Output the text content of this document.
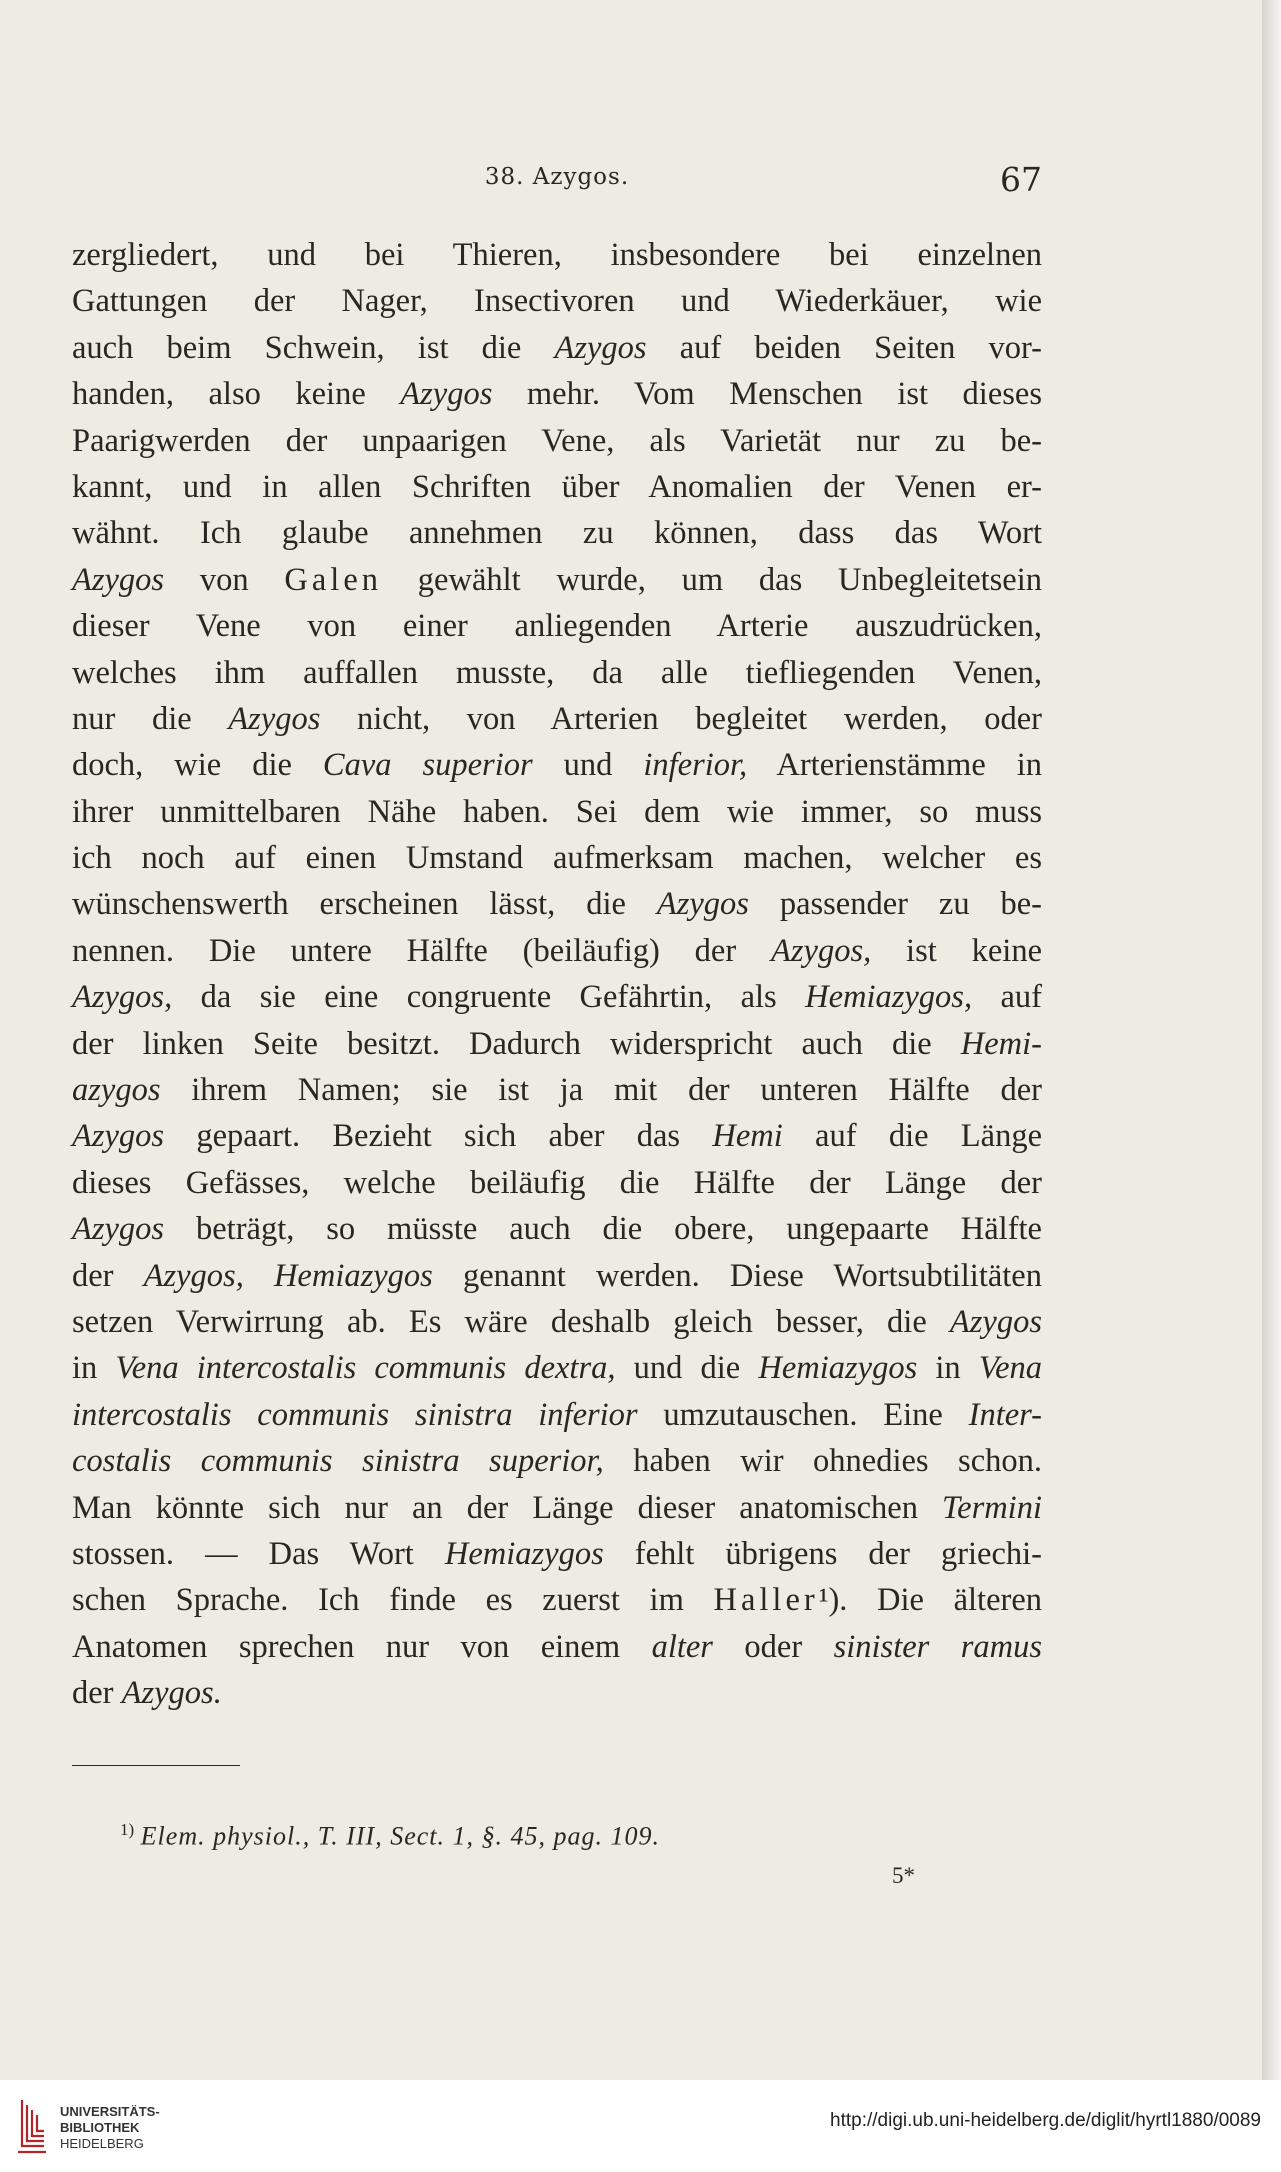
38. Azygos.	67
zergliedert, und bei Thieren, insbesondere bei einzelnen
Gattungen der Nager, Insectivoren und Wiederkäuer, wie
auch beim Schwein, ist die Azygos auf beiden Seiten vor-
handen, also keine Azygos mehr. Vom Menschen ist dieses
Paarigwerden der unpaarigen Vene, als Varietät nur zu be-
kannt, und in allen Schriften über Anomalien der Venen er-
wähnt. Ich glaube annehmen zu können, dass das Wort
Azygos von Galen gewählt wurde, um das Unbegleitetsein
dieser Vene von einer anliegenden Arterie auszudrücken,
welches ihm auffallen musste, da alle tiefliegenden Venen,
nur die Azygos nicht, von Arterien begleitet werden, oder
doch, wie die Cava superior und inferior, Arterienstämme in
ihrer unmittelbaren Nähe haben. Sei dem wie immer, so muss
ich noch auf einen Umstand aufmerksam machen, welcher es
wünschenswerth erscheinen lässt, die Azygos passender zu be-
nennen. Die untere Hälfte (beiläufig) der Azygos, ist keine
Azygos, da sie eine congruente Gefährtin, als Hemiazygos, auf
der linken Seite besitzt. Dadurch widerspricht auch die Hemi-
azygos ihrem Namen; sie ist ja mit der unteren Hälfte der
Azygos gepaart. Bezieht sich aber das Hemi auf die Länge
dieses Gefässes, welche beiläufig die Hälfte der Länge der
Azygos beträgt, so müsste auch die obere, ungepaarte Hälfte
der Azygos, Hemiazygos genannt werden. Diese Wortsubtilitäten
setzen Verwirrung ab. Es wäre deshalb gleich besser, die Azygos
in Vena intercostalis communis dextra, und die Hemiazygos in Vena
intercostalis communis sinistra inferior umzutauschen. Eine Inter-
costalis communis sinistra superior, haben wir ohnedies schon.
Man könnte sich nur an der Länge dieser anatomischen Termini
stossen. — Das Wort Hemiazygos fehlt übrigens der griechi-
schen Sprache. Ich finde es zuerst im Haller¹). Die älteren
Anatomen sprechen nur von einem alter oder sinister ramus
der Azygos.
$^{1)}$ Elem. physiol., T. III, Sect. 1, §. 45, pag. 109.
5*
UNIVERSITÄTS-
BIBLIOTHEK
HEIDELBERG
http://digi.ub.uni-heidelberg.de/diglit/hyrtl1880/0089
